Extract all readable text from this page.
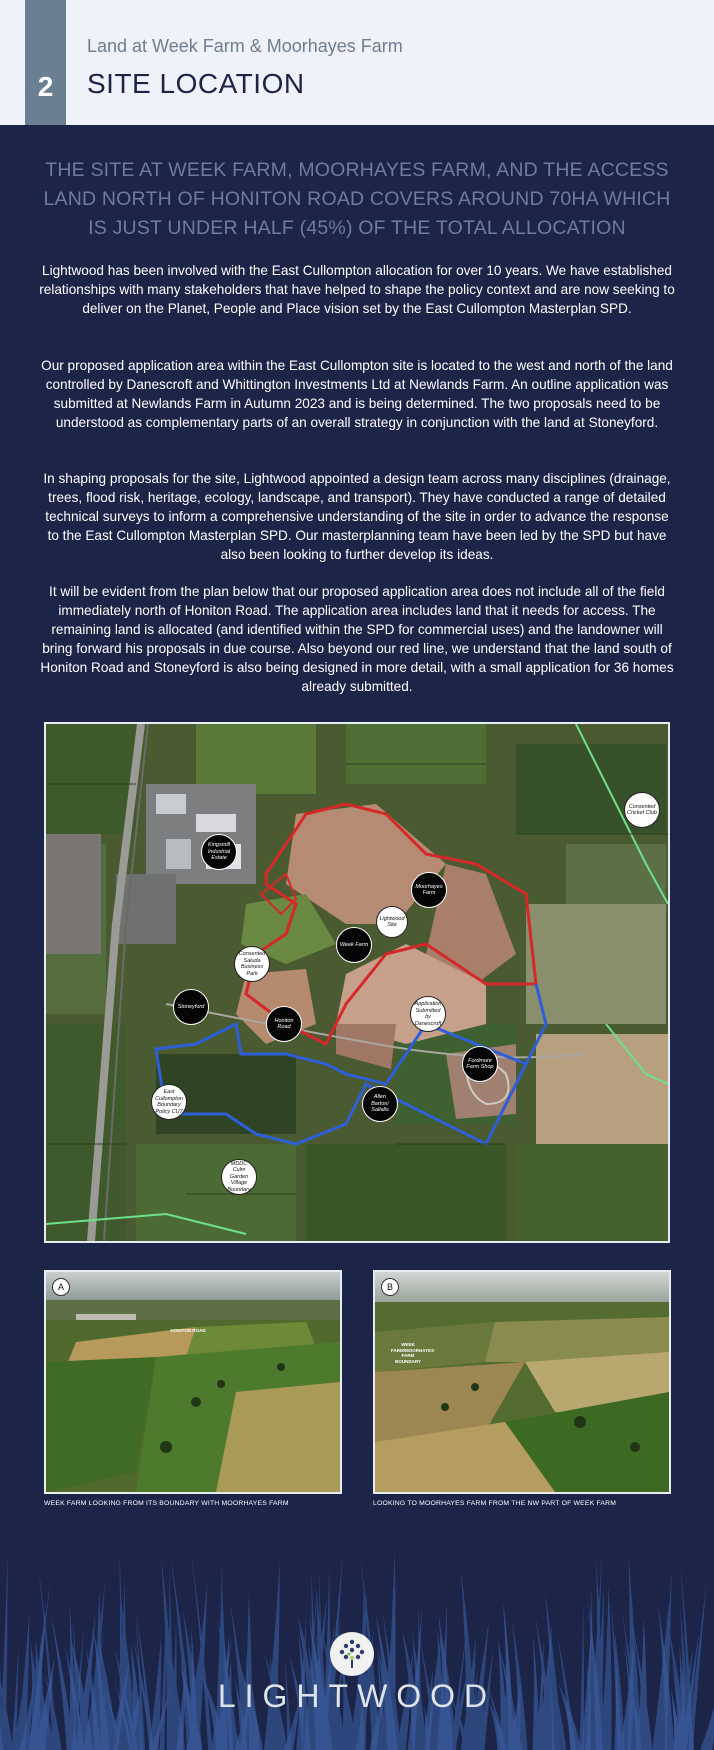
2
Land at Week Farm & Moorhayes Farm
SITE LOCATION
THE SITE AT WEEK FARM, MOORHAYES FARM, AND THE ACCESS LAND NORTH OF HONITON ROAD COVERS AROUND 70HA WHICH IS JUST UNDER HALF (45%) OF THE TOTAL ALLOCATION

Lightwood has been involved with the East Cullompton allocation for over 10 years. We have established relationships with many stakeholders that have helped to shape the policy context and are now seeking to deliver on the Planet, People and Place vision set by the East Cullompton Masterplan SPD.

Our proposed application area within the East Cullompton site is located to the west and north of the land controlled by Danescroft and Whittington Investments Ltd at Newlands Farm. An outline application was submitted at Newlands Farm in Autumn 2023 and is being determined. The two proposals need to be understood as complementary parts of an overall strategy in conjunction with the land at Stoneyford.

In shaping proposals for the site, Lightwood appointed a design team across many disciplines (drainage, trees, flood risk, heritage, ecology, landscape, and transport). They have conducted a range of detailed technical surveys to inform a comprehensive understanding of the site in order to advance the response to the East Cullompton Masterplan SPD. Our masterplanning team have been led by the SPD but have also been looking to further develop its ideas.

It will be evident from the plan below that our proposed application area does not include all of the field immediately north of Honiton Road. The application area includes land that it needs for access. The remaining land is allocated (and identified within the SPD for commercial uses) and the landowner will bring forward his proposals in due course. Also beyond our red line, we understand that the land south of Honiton Road and Stoneyford is also being designed in more detail, with a small application for 36 homes already submitted.

Kingsmill Industrial Estate
Moorhayes Farm
Lightwood Site
Week Farm
Consented Saluda Business Park
Stoneyford
Honiton Road
Application Submitted by Danescroft
Fordmore Farm Shop
Allen Barton/ Sallalls
East Cullompton Boundary Policy CU7
MDDC Culm Garden Village Boundary
Consented Cricket Club
A
HONITON ROAD
WEEK FARM LOOKING FROM ITS BOUNDARY WITH MOORHAYES FARM
B
WEEK FARM/MOORHAYES FARM BOUNDARY
LOOKING TO MOORHAYES FARM FROM THE NW PART OF WEEK FARM
LIGHTWOOD
